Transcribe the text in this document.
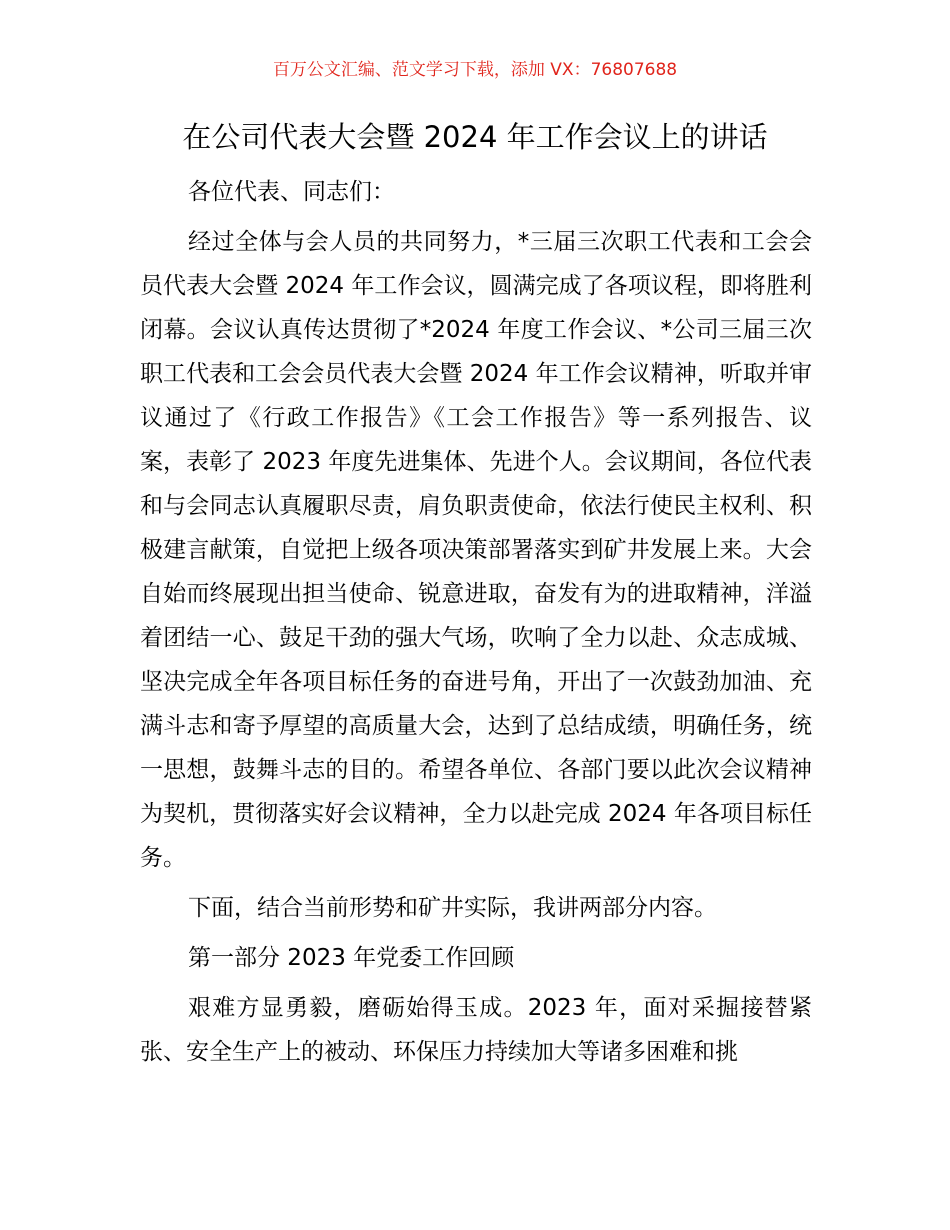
百万公文汇编、范文学习下载，添加 VX：76807688
在公司代表大会暨 2024 年工作会议上的讲话

各位代表、同志们：

经过全体与会人员的共同努力，*三届三次职工代表和工会会员代表大会暨 2024 年工作会议，圆满完成了各项议程，即将胜利闭幕。会议认真传达贯彻了*2024 年度工作会议、*公司三届三次职工代表和工会会员代表大会暨 2024 年工作会议精神，听取并审议通过了《行政工作报告》《工会工作报告》等一系列报告、议案，表彰了 2023 年度先进集体、先进个人。会议期间，各位代表和与会同志认真履职尽责，肩负职责使命，依法行使民主权利、积极建言献策，自觉把上级各项决策部署落实到矿井发展上来。大会自始而终展现出担当使命、锐意进取，奋发有为的进取精神，洋溢着团结一心、鼓足干劲的强大气场，吹响了全力以赴、众志成城、坚决完成全年各项目标任务的奋进号角，开出了一次鼓劲加油、充满斗志和寄予厚望的高质量大会，达到了总结成绩，明确任务，统一思想，鼓舞斗志的目的。希望各单位、各部门要以此次会议精神为契机，贯彻落实好会议精神，全力以赴完成 2024 年各项目标任务。

下面，结合当前形势和矿井实际，我讲两部分内容。

第一部分 2023 年党委工作回顾

艰难方显勇毅，磨砺始得玉成。2023 年，面对采掘接替紧张、安全生产上的被动、环保压力持续加大等诸多困难和挑
